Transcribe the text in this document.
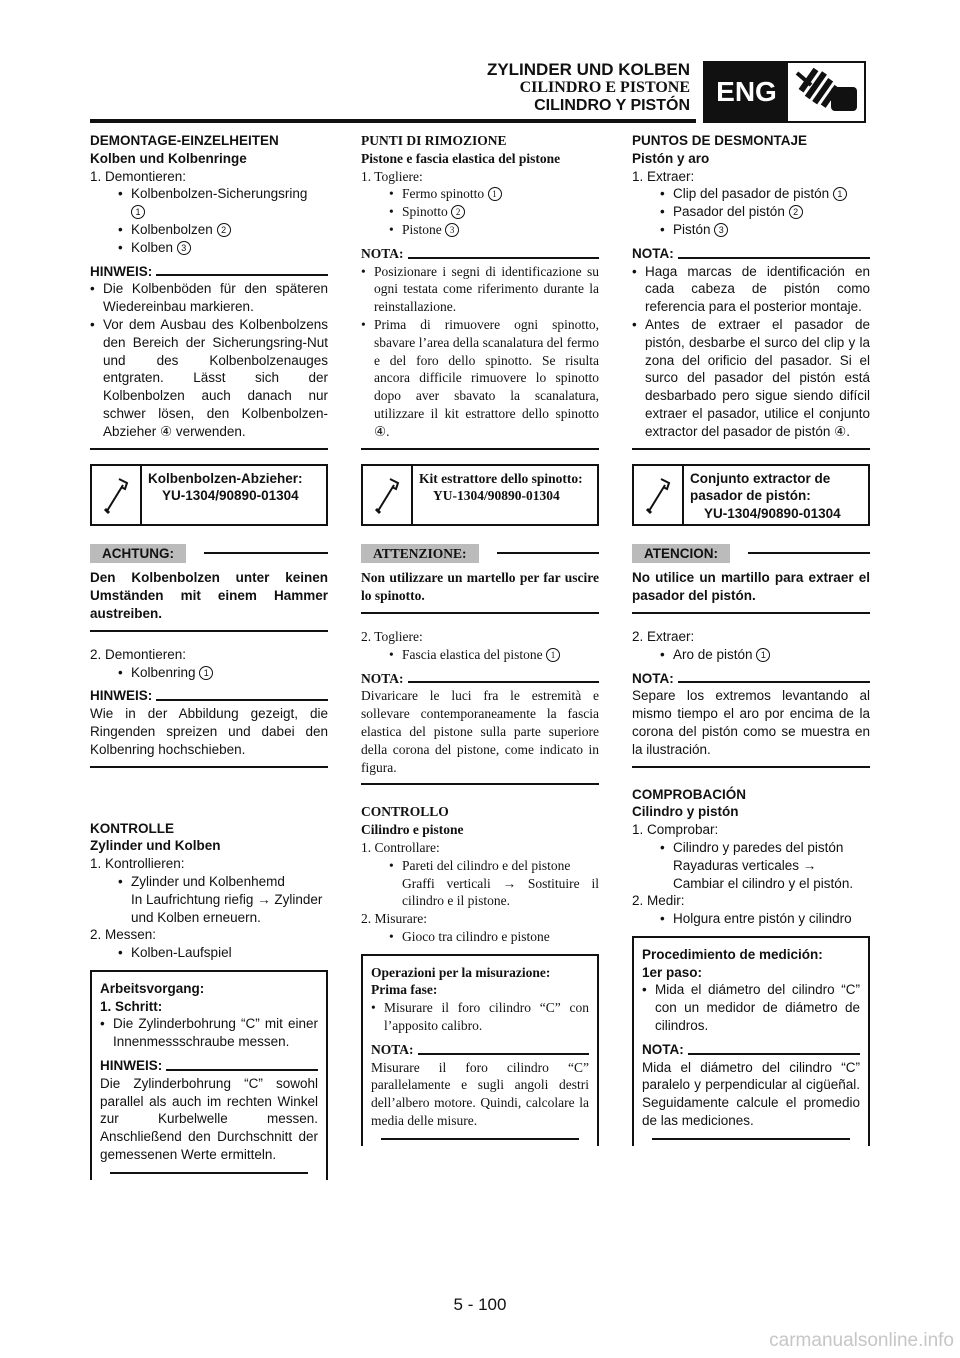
ZYLINDER UND KOLBEN
CILINDRO E PISTONE
CILINDRO Y PISTÓN ENG
DEMONTAGE-EINZELHEITEN
Kolben und Kolbenringe
1. Demontieren:
• Kolbenbolzen-Sicherungsring
1
• Kolbenbolzen 2
• Kolben 3
HINWEIS:
• Die Kolbenböden für den späteren Wiedereinbau markieren.
• Vor dem Ausbau des Kolbenbolzens den Bereich der Sicherungsring-Nut und des Kolbenbolzenauges entgraten. Lässt sich der Kolbenbolzen auch danach nur schwer lösen, den Kolbenbolzen-Abzieher ④ verwenden.
Kolbenbolzen-Abzieher:
YU-1304/90890-01304
ACHTUNG:
Den Kolbenbolzen unter keinen Umständen mit einem Hammer austreiben.
2. Demontieren:
• Kolbenring 1
HINWEIS:
Wie in der Abbildung gezeigt, die Ringenden spreizen und dabei den Kolbenring hochschieben.
KONTROLLE
Zylinder und Kolben
1. Kontrollieren:
• Zylinder und Kolbenhemd
In Laufrichtung riefig → Zylinder und Kolben erneuern.
2. Messen:
• Kolben-Laufspiel
Arbeitsvorgang:
1. Schritt:
• Die Zylinderbohrung “C” mit einer Innenmessschraube messen.
HINWEIS:
Die Zylinderbohrung “C” sowohl parallel als auch im rechten Winkel zur Kurbelwelle messen. Anschließend den Durchschnitt der gemessenen Werte ermitteln.
PUNTI DI RIMOZIONE
Pistone e fascia elastica del pistone
1. Togliere:
• Fermo spinotto 1
• Spinotto 2
• Pistone 3
NOTA:
• Posizionare i segni di identificazione su ogni testata come riferimento durante la reinstallazione.
• Prima di rimuovere ogni spinotto, sbavare l’area della scanalatura del fermo e del foro dello spinotto. Se risulta ancora difficile rimuovere lo spinotto dopo aver sbavato la scanalatura, utilizzare il kit estrattore dello spinotto ④.
Kit estrattore dello spinotto:
YU-1304/90890-01304
ATTENZIONE:
Non utilizzare un martello per far uscire lo spinotto.
2. Togliere:
• Fascia elastica del pistone 1
NOTA:
Divaricare le luci fra le estremità e sollevare contemporaneamente la fascia elastica del pistone sulla parte superiore della corona del pistone, come indicato in figura.
CONTROLLO
Cilindro e pistone
1. Controllare:
• Pareti del cilindro e del pistone
Graffi verticali → Sostituire il cilindro e il pistone.
2. Misurare:
• Gioco tra cilindro e pistone
Operazioni per la misurazione:
Prima fase:
• Misurare il foro cilindro “C” con l’apposito calibro.
NOTA:
Misurare il foro cilindro “C” parallelamente e sugli angoli destri dell’albero motore. Quindi, calcolare la media delle misure.
PUNTOS DE DESMONTAJE
Pistón y aro
1. Extraer:
• Clip del pasador de pistón 1
• Pasador del pistón 2
• Pistón 3
NOTA:
• Haga marcas de identificación en cada cabeza de pistón como referencia para el posterior montaje.
• Antes de extraer el pasador de pistón, desbarbe el surco del clip y la zona del orificio del pasador. Si el surco del pasador del pistón está desbarbado pero sigue siendo difícil extraer el pasador, utilice el conjunto extractor del pasador de pistón ④.
Conjunto extractor de pasador de pistón:
YU-1304/90890-01304
ATENCION:
No utilice un martillo para extraer el pasador del pistón.
2. Extraer:
• Aro de pistón 1
NOTA:
Separe los extremos levantando al mismo tiempo el aro por encima de la corona del pistón como se muestra en la ilustración.
COMPROBACIÓN
Cilindro y pistón
1. Comprobar:
• Cilindro y paredes del pistón
Rayaduras verticales → Cambiar el cilindro y el pistón.
2. Medir:
• Holgura entre pistón y cilindro
Procedimiento de medición:
1er paso:
• Mida el diámetro del cilindro “C” con un medidor de diámetro de cilindros.
NOTA:
Mida el diámetro del cilindro “C” paralelo y perpendicular al cigüeñal. Seguidamente calcule el promedio de las mediciones.
5 - 100
carmanualsonline.info
